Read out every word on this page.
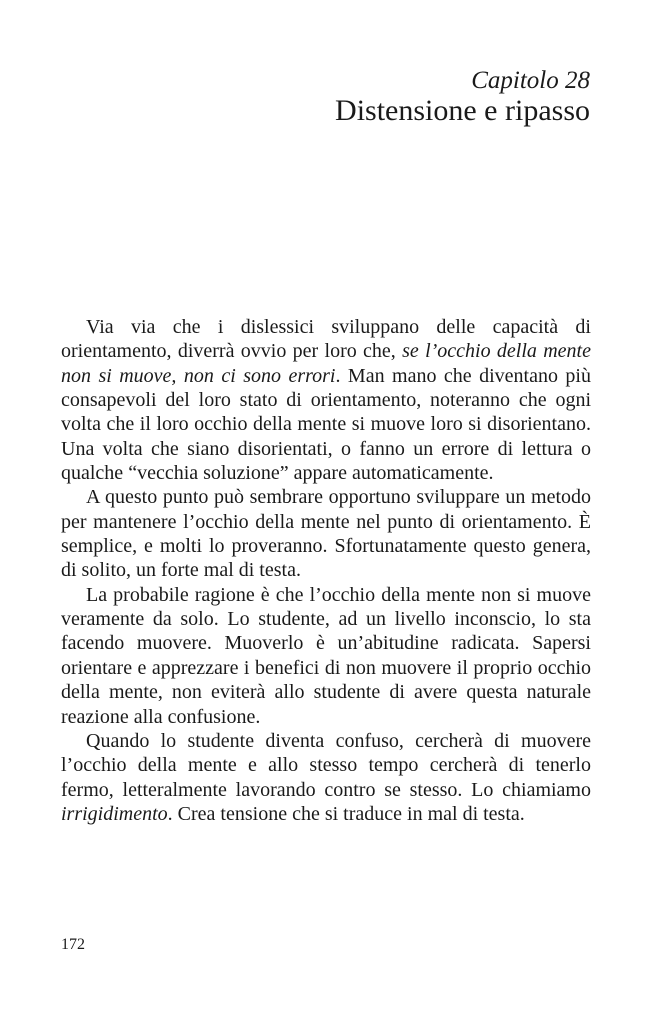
Capitolo 28
Distensione e ripasso

Via via che i dislessici sviluppano delle capacità di orientamento, diverrà ovvio per loro che, se l’occhio della mente non si muove, non ci sono errori. Man mano che diventano più consapevoli del loro stato di orientamento, noteranno che ogni volta che il loro occhio della mente si muove loro si disorientano. Una volta che siano disorientati, o fanno un errore di lettura o qualche “vecchia soluzione” appare automaticamente.

A questo punto può sembrare opportuno sviluppare un metodo per mantenere l’occhio della mente nel punto di orientamento. È semplice, e molti lo proveranno. Sfortunatamente questo genera, di solito, un forte mal di testa.

La probabile ragione è che l’occhio della mente non si muove veramente da solo. Lo studente, ad un livello inconscio, lo sta facendo muovere. Muoverlo è un’abitudine radicata. Sapersi orientare e apprezzare i benefici di non muovere il proprio occhio della mente, non eviterà allo studente di avere questa naturale reazione alla confusione.

Quando lo studente diventa confuso, cercherà di muovere l’occhio della mente e allo stesso tempo cercherà di tenerlo fermo, letteralmente lavorando contro se stesso. Lo chiamiamo irrigidimento. Crea tensione che si traduce in mal di testa.

172
